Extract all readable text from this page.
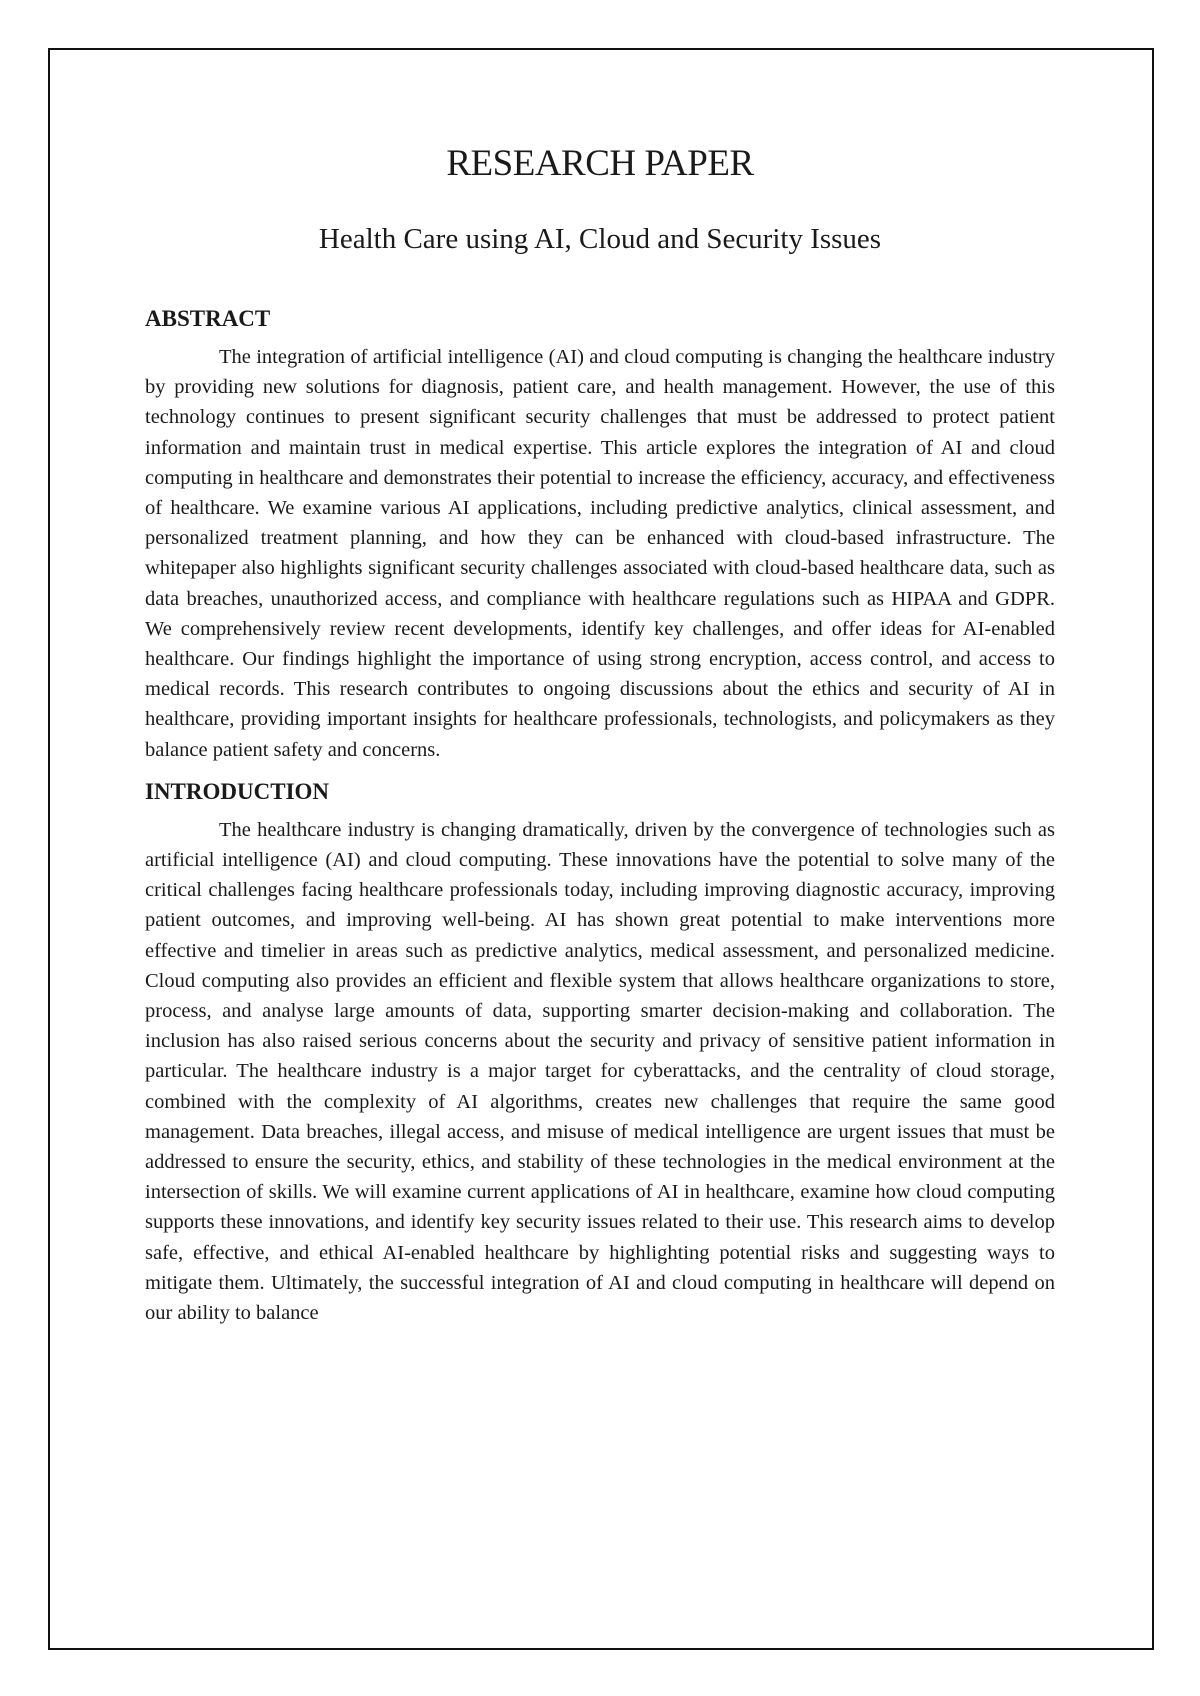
RESEARCH PAPER
Health Care using AI, Cloud and Security Issues
ABSTRACT

The integration of artificial intelligence (AI) and cloud computing is changing the healthcare industry by providing new solutions for diagnosis, patient care, and health management. However, the use of this technology continues to present significant security challenges that must be addressed to protect patient information and maintain trust in medical expertise. This article explores the integration of AI and cloud computing in healthcare and demonstrates their potential to increase the efficiency, accuracy, and effectiveness of healthcare. We examine various AI applications, including predictive analytics, clinical assessment, and personalized treatment planning, and how they can be enhanced with cloud-based infrastructure. The whitepaper also highlights significant security challenges associated with cloud-based healthcare data, such as data breaches, unauthorized access, and compliance with healthcare regulations such as HIPAA and GDPR. We comprehensively review recent developments, identify key challenges, and offer ideas for AI-enabled healthcare. Our findings highlight the importance of using strong encryption, access control, and access to medical records. This research contributes to ongoing discussions about the ethics and security of AI in healthcare, providing important insights for healthcare professionals, technologists, and policymakers as they balance patient safety and concerns.

INTRODUCTION

The healthcare industry is changing dramatically, driven by the convergence of technologies such as artificial intelligence (AI) and cloud computing. These innovations have the potential to solve many of the critical challenges facing healthcare professionals today, including improving diagnostic accuracy, improving patient outcomes, and improving well-being. AI has shown great potential to make interventions more effective and timelier in areas such as predictive analytics, medical assessment, and personalized medicine. Cloud computing also provides an efficient and flexible system that allows healthcare organizations to store, process, and analyse large amounts of data, supporting smarter decision-making and collaboration. The inclusion has also raised serious concerns about the security and privacy of sensitive patient information in particular. The healthcare industry is a major target for cyberattacks, and the centrality of cloud storage, combined with the complexity of AI algorithms, creates new challenges that require the same good management. Data breaches, illegal access, and misuse of medical intelligence are urgent issues that must be addressed to ensure the security, ethics, and stability of these technologies in the medical environment at the intersection of skills. We will examine current applications of AI in healthcare, examine how cloud computing supports these innovations, and identify key security issues related to their use. This research aims to develop safe, effective, and ethical AI-enabled healthcare by highlighting potential risks and suggesting ways to mitigate them. Ultimately, the successful integration of AI and cloud computing in healthcare will depend on our ability to balance
